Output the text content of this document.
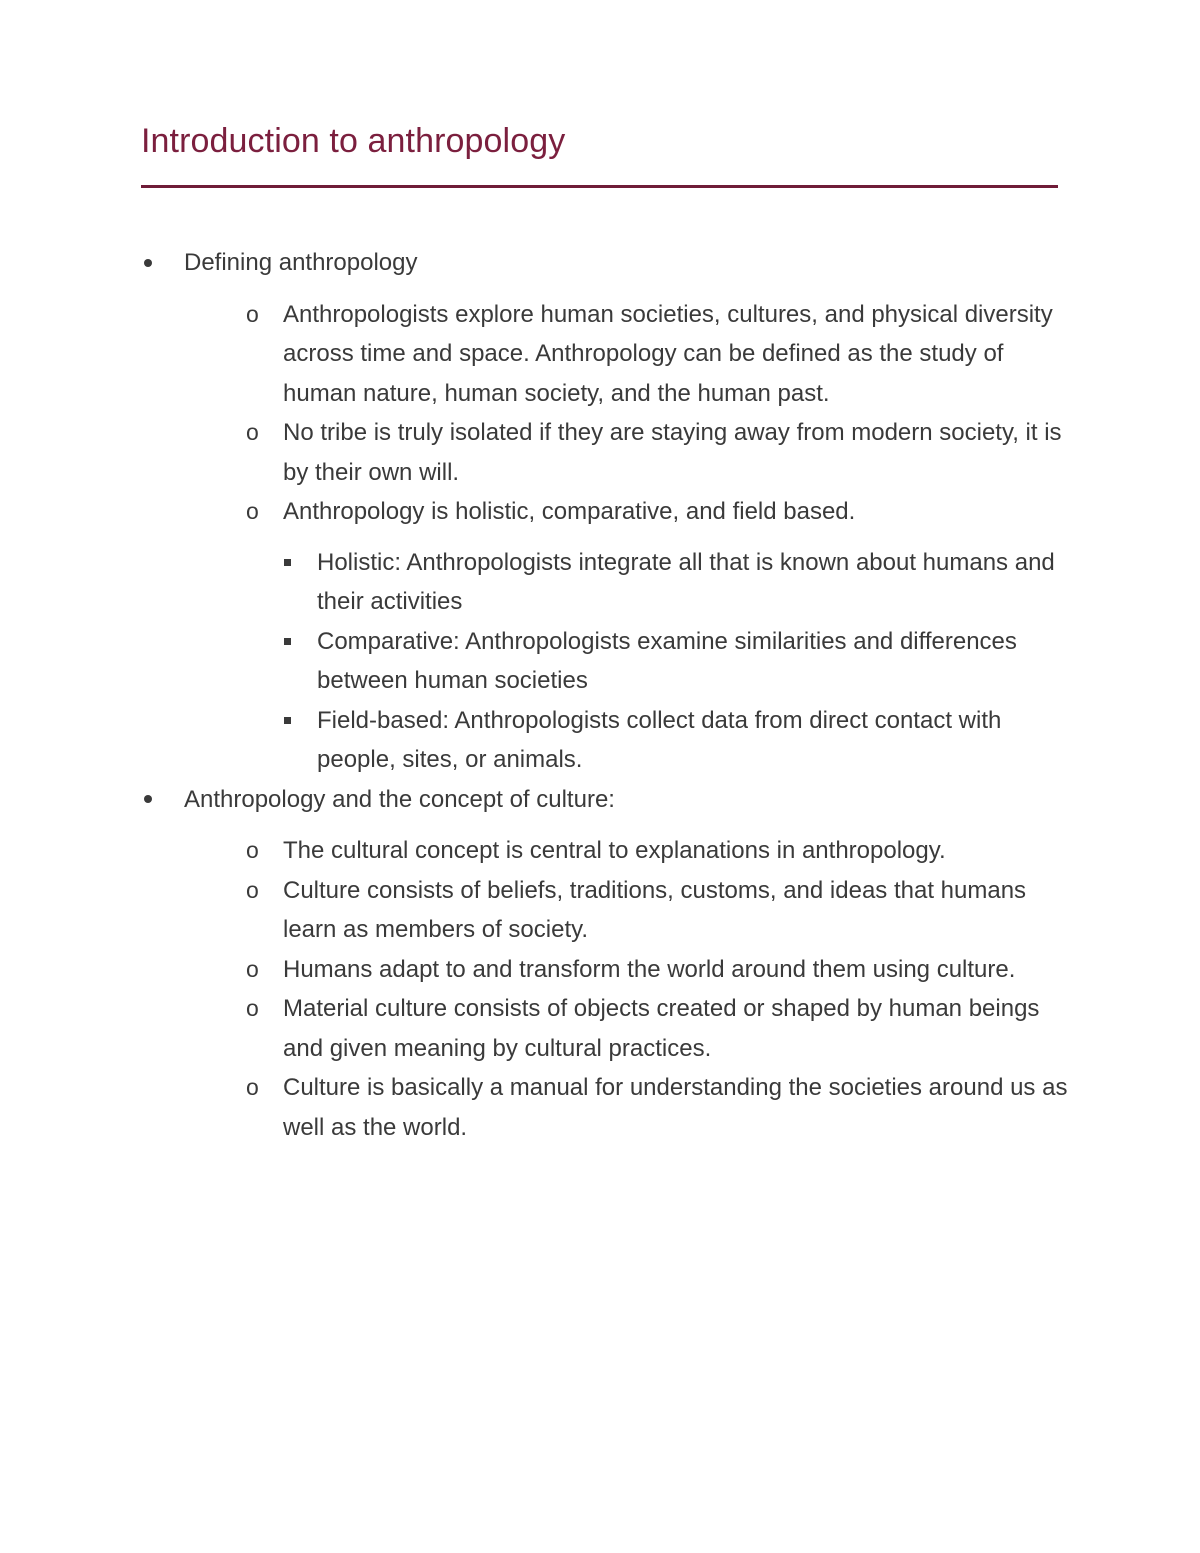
Introduction to anthropology
Defining anthropology
o	Anthropologists explore human societies, cultures, and physical diversity across time and space. Anthropology can be defined as the study of human nature, human society, and the human past.
o	No tribe is truly isolated if they are staying away from modern society, it is by their own will.
o	Anthropology is holistic, comparative, and field based.
Holistic: Anthropologists integrate all that is known about humans and their activities
Comparative: Anthropologists examine similarities and differences between human societies
Field-based: Anthropologists collect data from direct contact with people, sites, or animals.
Anthropology and the concept of culture:
o	The cultural concept is central to explanations in anthropology.
o	Culture consists of beliefs, traditions, customs, and ideas that humans learn as members of society.
o	Humans adapt to and transform the world around them using culture.
o	Material culture consists of objects created or shaped by human beings and given meaning by cultural practices.
o	Culture is basically a manual for understanding the societies around us as well as the world.
